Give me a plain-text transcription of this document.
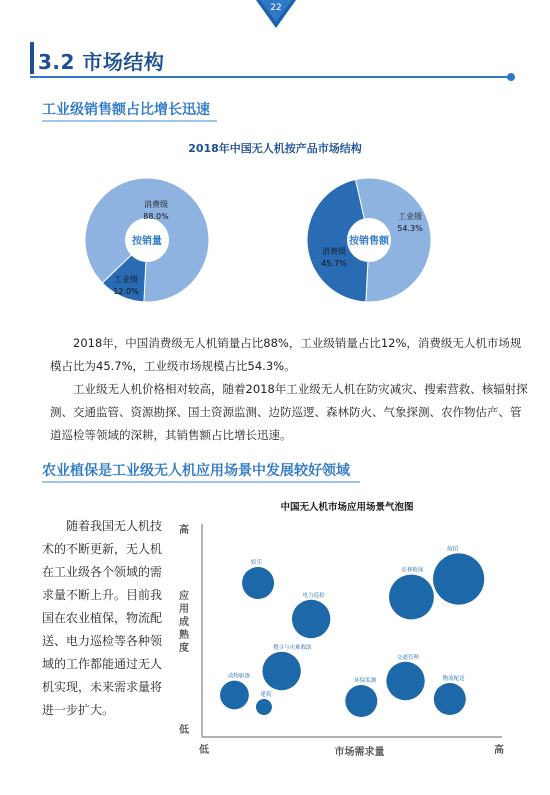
22
3.2 市场结构
工业级销售额占比增长迅速
2018年中国无人机按产品市场结构
按销量
消费级
88.0%
工业级
12.0%
按销售额
工业级
54.3%
消费级
45.7%

2018年，中国消费级无人机销量占比88%，工业级销量占比12%，消费级无人机市场规模占比为45.7%，工业级市场规模占比54.3%。

工业级无人机价格相对较高，随着2018年工业级无人机在防灾减灾、搜索营救、核辐射探测、交通监管、资源勘探、国土资源监测、边防巡逻、森林防火、气象探测、农作物估产、管道巡检等领域的深耕，其销售额占比增长迅速。

农业植保是工业级无人机应用场景中发展较好领域

随着我国无人机技术的不断更新，无人机在工业级各个领域的需求量不断上升。目前我国在农业植保，物流配送、电力巡检等各种领域的工作都能通过无人机实现，未来需求量将进一步扩大。

中国无人机市场应用场景气泡图
低	高
市场需求量
高
低
应
用
成
熟
度
娱乐
航拍
农林植保
电力巡检
搜寻与灾难救助
交通管理
动物驱逐
建筑
环保监测	物流配送
